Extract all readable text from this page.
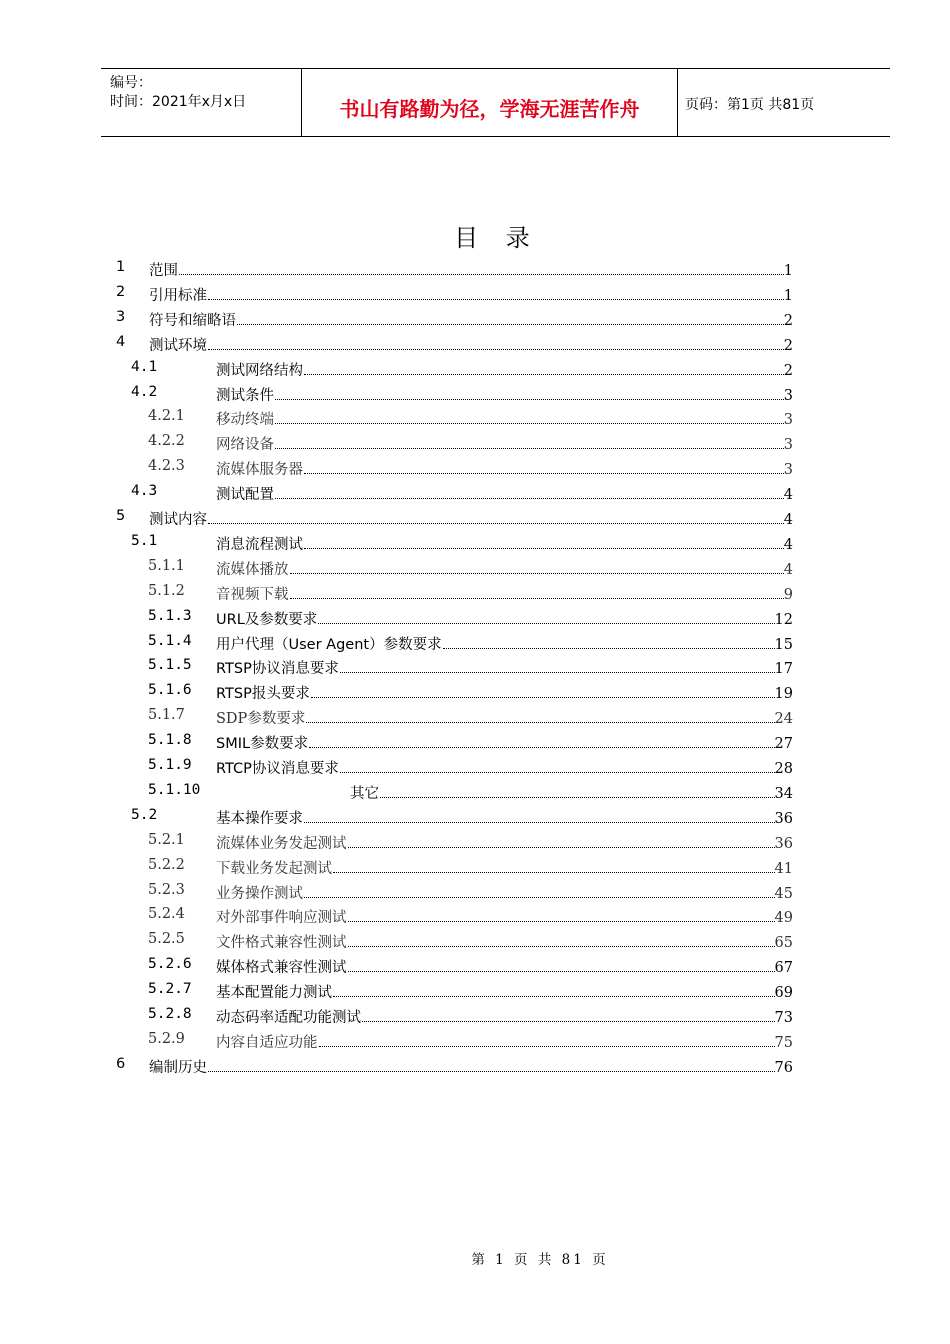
编号：
时间：2021年x月x日	书山有路勤为径，学海无涯苦作舟	页码：第1页 共81页
目 录
1 范围	1
2 引用标准	1
3 符号和缩略语	2
4 测试环境	2
4.1	测试网络结构	2
4.2	测试条件	3
4.2.1 移动终端	3
4.2.2 网络设备	3
4.2.3 流媒体服务器	3
4.3	测试配置	4
5 测试内容	4
5.1	消息流程测试	4
5.1.1 流媒体播放	4
5.1.2 音视频下载	9
5.1.3 URL及参数要求	12
5.1.4 用户代理（User Agent）参数要求	15
5.1.5 RTSP协议消息要求	17
5.1.6 RTSP报头要求	19
5.1.7 SDP参数要求	24
5.1.8 SMIL参数要求	27
5.1.9 RTCP协议消息要求	28
5.1.10	其它	34
5.2	基本操作要求	36
5.2.1 流媒体业务发起测试	36
5.2.2 下载业务发起测试	41
5.2.3 业务操作测试	45
5.2.4 对外部事件响应测试	49
5.2.5 文件格式兼容性测试	65
5.2.6 媒体格式兼容性测试	67
5.2.7 基本配置能力测试	69
5.2.8 动态码率适配功能测试	73
5.2.9 内容自适应功能	75
6 编制历史	76
第 1 页 共 81 页
